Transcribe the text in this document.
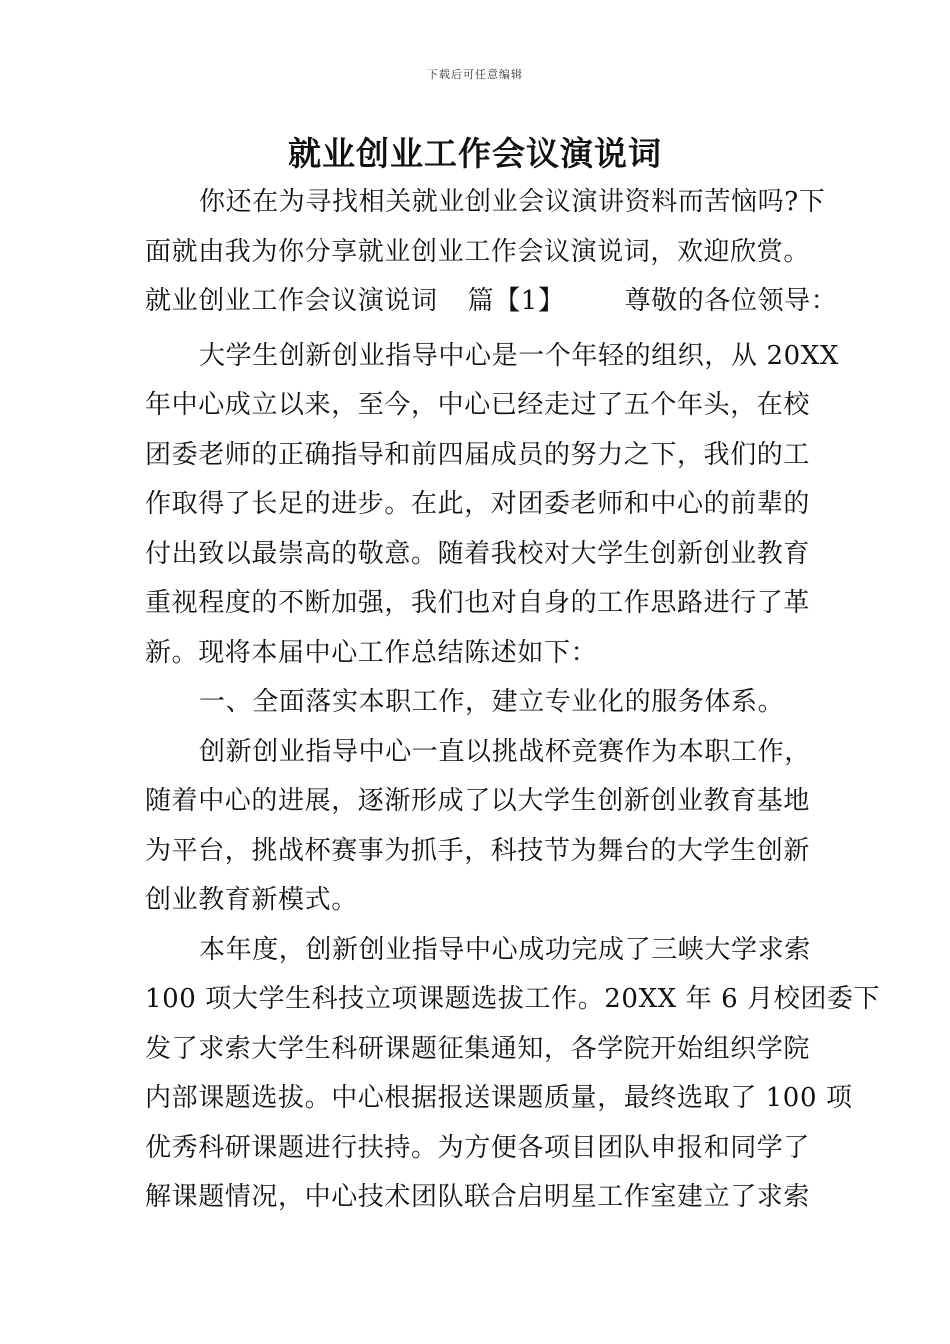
下载后可任意编辑
就业创业工作会议演说词
你还在为寻找相关就业创业会议演讲资料而苦恼吗?下
面就由我为你分享就业创业工作会议演说词，欢迎欣赏。
就业创业工作会议演说词 篇【1】 尊敬的各位领导：
大学生创新创业指导中心是一个年轻的组织，从 20XX
年中心成立以来，至今，中心已经走过了五个年头，在校
团委老师的正确指导和前四届成员的努力之下，我们的工
作取得了长足的进步。在此，对团委老师和中心的前辈的
付出致以最崇高的敬意。随着我校对大学生创新创业教育
重视程度的不断加强，我们也对自身的工作思路进行了革
新。现将本届中心工作总结陈述如下：
一、全面落实本职工作，建立专业化的服务体系。
创新创业指导中心一直以挑战杯竞赛作为本职工作，
随着中心的进展，逐渐形成了以大学生创新创业教育基地
为平台，挑战杯赛事为抓手，科技节为舞台的大学生创新
创业教育新模式。
本年度，创新创业指导中心成功完成了三峡大学求索
100 项大学生科技立项课题选拔工作。20XX 年 6 月校团委下
发了求索大学生科研课题征集通知，各学院开始组织学院
内部课题选拔。中心根据报送课题质量，最终选取了 100 项
优秀科研课题进行扶持。为方便各项目团队申报和同学了
解课题情况，中心技术团队联合启明星工作室建立了求索
